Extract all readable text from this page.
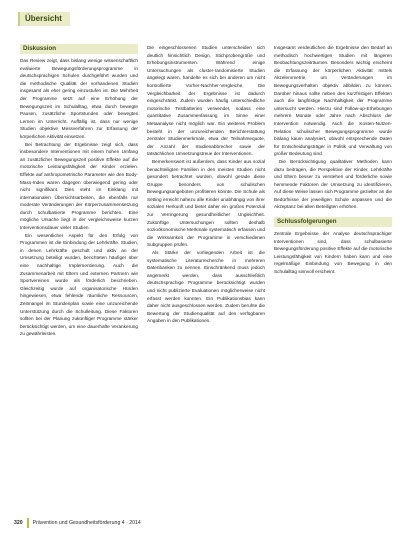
Übersicht
Diskussion

Das Review zeigt, dass bislang wenige wissenschaftlich evaluierte Bewegungsförderungsprogramme in deutschsprachigen Schulen durchgeführt wurden und die methodische Qualität der vorhandenen Studien insgesamt als eher gering einzustufen ist. Die Mehrheit der Programme setzt auf eine Erhöhung der Bewegungszeit im Schulalltag, etwa durch bewegte Pausen, zusätzliche Sportstunden oder bewegtes Lernen im Unterricht. Auffällig ist, dass nur wenige Studien objektive Messverfahren zur Erfassung der körperlichen Aktivität einsetzen.

Bei Betrachtung der Ergebnisse zeigt sich, dass insbesondere Interventionen mit einem hohen Umfang an zusätzlicher Bewegungszeit positive Effekte auf die motorische Leistungsfähigkeit der Kinder erzielen. Effekte auf anthropometrische Parameter wie den Body-Mass-Index waren dagegen überwiegend gering oder nicht signifikant. Dies steht im Einklang mit internationalen Übersichtsarbeiten, die ebenfalls nur moderate Veränderungen der Körperzusammensetzung durch schulbasierte Programme berichten. Eine mögliche Ursache liegt in der vergleichsweise kurzen Interventionsdauer vieler Studien.

Ein wesentlicher Aspekt für den Erfolg von Programmen ist die Einbindung der Lehrkräfte. Studien, in denen Lehrkräfte geschult und aktiv an der Umsetzung beteiligt wurden, berichteten häufiger über eine nachhaltige Implementierung. Auch die Zusammenarbeit mit Eltern und externen Partnern wie Sportvereinen wurde als förderlich beschrieben. Gleichzeitig wurde auf organisatorische Hürden hingewiesen, etwa fehlende räumliche Ressourcen, Zeitmangel im Stundenplan sowie eine unzureichende Unterstützung durch die Schulleitung. Diese Faktoren sollten bei der Planung zukünftiger Programme stärker berücksichtigt werden, um eine dauerhafte Verankerung zu gewährleisten.

Die eingeschlossenen Studien unterscheiden sich deutlich hinsichtlich Design, Stichprobengröße und Erhebungsinstrumenten. Während einige Untersuchungen als cluster-randomisierte Studien angelegt waren, handelte es sich bei anderen um nicht kontrollierte Vorher-Nachher-Vergleiche. Die Vergleichbarkeit der Ergebnisse ist dadurch eingeschränkt. Zudem wurden häufig unterschiedliche motorische Testbatterien verwendet, sodass eine quantitative Zusammenfassung im Sinne einer Metaanalyse nicht möglich war. Ein weiteres Problem besteht in der unzureichenden Berichterstattung zentraler Studienmerkmale, etwa der Teilnahmequote, der Anzahl der Studienabbrecher sowie der tatsächlichen Umsetzungstreue der Interventionen.

Bemerkenswert ist außerdem, dass Kinder aus sozial benachteiligten Familien in den meisten Studien nicht gesondert betrachtet wurden, obwohl gerade diese Gruppe besonders von schulischen Bewegungsangeboten profitieren könnte. Die Schule als Setting erreicht nahezu alle Kinder unabhängig von ihrer sozialen Herkunft und bietet daher ein großes Potenzial zur Verringerung gesundheitlicher Ungleichheit. Zukünftige Untersuchungen sollten deshalb sozioökonomische Merkmale systematisch erfassen und die Wirksamkeit der Programme in verschiedenen Subgruppen prüfen.

Als Stärke der vorliegenden Arbeit ist die systematische Literaturrecherche in mehreren Datenbanken zu nennen. Einschränkend muss jedoch angemerkt werden, dass ausschließlich deutschsprachige Programme berücksichtigt wurden und nicht publizierte Evaluationen möglicherweise nicht erfasst werden konnten. Ein Publikationsbias kann daher nicht ausgeschlossen werden. Zudem beruhte die Bewertung der Studienqualität auf den verfügbaren Angaben in den Publikationen.

Insgesamt verdeutlichen die Ergebnisse den Bedarf an methodisch hochwertigen Studien mit längeren Beobachtungszeiträumen. Besonders wichtig erscheint die Erfassung der körperlichen Aktivität mittels Akzelerometrie, um Veränderungen im Bewegungsverhalten objektiv abbilden zu können. Darüber hinaus sollte neben den kurzfristigen Effekten auch die langfristige Nachhaltigkeit der Programme untersucht werden. Hierzu sind Follow-up-Erhebungen mehrere Monate oder Jahre nach Abschluss der Intervention notwendig. Auch die Kosten-Nutzen-Relation schulischer Bewegungsprogramme wurde bislang kaum analysiert, obwohl entsprechende Daten für Entscheidungsträger in Politik und Verwaltung von großer Bedeutung sind.

Die Berücksichtigung qualitativer Methoden kann dazu beitragen, die Perspektive der Kinder, Lehrkräfte und Eltern besser zu verstehen und förderliche sowie hemmende Faktoren der Umsetzung zu identifizieren. Auf diese Weise lassen sich Programme gezielter an die Bedürfnisse der jeweiligen Schule anpassen und die Akzeptanz bei allen Beteiligten erhöhen.

Schlussfolgerungen

Zentrale Ergebnisse der Analyse deutschsprachiger Interventionen sind, dass schulbasierte Bewegungsförderung positive Effekte auf die motorische Leistungsfähigkeit von Kindern haben kann und eine regelmäßige Einbindung von Bewegung in den Schulalltag sinnvoll erscheint.

320	Prävention und Gesundheitsförderung 4 · 2014
